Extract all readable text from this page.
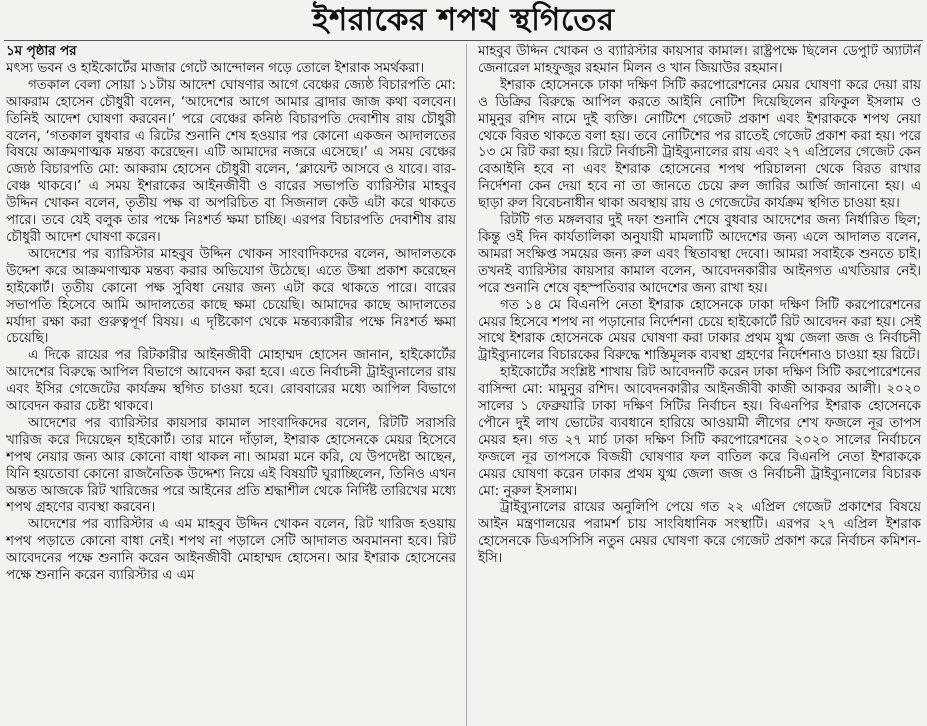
ইশরাকের শপথ স্থগিতের

১ম পৃষ্ঠার পর

মৎস্য ভবন ও হাইকোর্টের মাজার গেটে আন্দোলন গড়ে তোলে ইশরাক সমর্থকরা।

গতকাল বেলা সোয়া ১১টায় আদেশ ঘোষণার আগে বেঞ্চের জ্যেষ্ঠ বিচারপতি মো: আকরাম হোসেন চৌধুরী বলেন, ‘আদেশের আগে আমার ব্রাদার জাজ কথা বলবেন। তিনিই আদেশ ঘোষণা করবেন।’ পরে বেঞ্চের কনিষ্ঠ বিচারপতি দেবাশীষ রায় চৌধুরী বলেন, ‘গতকাল বুধবার এ রিটের শুনানি শেষ হওয়ার পর কোনো একজন আদালতের বিষয়ে আক্রমণাত্মক মন্তব্য করেছেন। এটি আমাদের নজরে এসেছে।’ এ সময় বেঞ্চের জ্যেষ্ঠ বিচারপতি মো: আকরাম হোসেন চৌধুরী বলেন, ‘ক্লায়েন্ট আসবে ও যাবে। বার-বেঞ্চ থাকবে।’ এ সময় ইশরাকের আইনজীবী ও বারের সভাপতি ব্যারিস্টার মাহবুব উদ্দিন খোকন বলেন, তৃতীয় পক্ষ বা অপরিচিত বা সিজনাল কেউ এটা করে থাকতে পারে। তবে যেই বলুক তার পক্ষে নিঃশর্ত ক্ষমা চাচ্ছি। এরপর বিচারপতি দেবাশীষ রায় চৌধুরী আদেশ ঘোষণা করেন।

আদেশের পর ব্যারিস্টার মাহবুব উদ্দিন খোকন সাংবাদিকদের বলেন, আদালতকে উদ্দেশ করে আক্রমণাত্মক মন্তব্য করার অভিযোগ উঠেছে। এতে উষ্মা প্রকাশ করেছেন হাইকোর্ট। তৃতীয় কোনো পক্ষ সুবিধা নেয়ার জন্য এটা করে থাকতে পারে। বারের সভাপতি হিসেবে আমি আদালতের কাছে ক্ষমা চেয়েছি। আমাদের কাছে আদালতের মর্যাদা রক্ষা করা গুরুত্বপূর্ণ বিষয়। এ দৃষ্টিকোণ থেকে মন্তব্যকারীর পক্ষে নিঃশর্ত ক্ষমা চেয়েছি।

এ দিকে রায়ের পর রিটকারীর আইনজীবী মোহাম্মদ হোসেন জানান, হাইকোর্টের আদেশের বিরুদ্ধে আপিল বিভাগে আবেদন করা হবে। এতে নির্বাচনী ট্রাইব্যুনালের রায় এবং ইসির গেজেটের কার্যক্রম স্থগিত চাওয়া হবে। রোববারের মধ্যে আপিল বিভাগে আবেদন করার চেষ্টা থাকবে।

আদেশের পর ব্যারিস্টার কায়সার কামাল সাংবাদিকদের বলেন, রিটটি সরাসরি খারিজ করে দিয়েছেন হাইকোর্ট। তার মানে দাঁড়াল, ইশরাক হোসেনকে মেয়র হিসেবে শপথ নেয়ার জন্য আর কোনো বাধা থাকল না। আমরা মনে করি, যে উপদেষ্টা আছেন, যিনি হয়তোবা কোনো রাজনৈতিক উদ্দেশ্য নিয়ে এই বিষয়টি ঘুরাচ্ছিলেন, তিনিও এখন অন্তত আজকে রিট খারিজের পরে আইনের প্রতি শ্রদ্ধাশীল থেকে নির্দিষ্ট তারিখের মধ্যে শপথ গ্রহণের ব্যবস্থা করবেন।

আদেশের পর ব্যারিস্টার এ এম মাহবুব উদ্দিন খোকন বলেন, রিট খারিজ হওয়ায় শপথ পড়াতে কোনো বাধা নেই। শপথ না পড়ালে সেটি আদালত অবমাননা হবে। রিট আবেদনের পক্ষে শুনানি করেন আইনজীবী মোহাম্মদ হোসেন। আর ইশরাক হোসেনের পক্ষে শুনানি করেন ব্যারিস্টার এ এম

মাহবুব উদ্দিন খোকন ও ব্যারিস্টার কায়সার কামাল। রাষ্ট্রপক্ষে ছিলেন ডেপুটি অ্যাটর্নি জেনারেল মাহফুজুর রহমান মিলন ও খান জিয়াউর রহমান।

ইশরাক হোসেনকে ঢাকা দক্ষিণ সিটি করপোরেশনের মেয়র ঘোষণা করে দেয়া রায় ও ডিক্রির বিরুদ্ধে আপিল করতে আইনি নোটিশ দিয়েছিলেন রফিকুল ইসলাম ও মামুনুর রশিদ নামে দুই ব্যক্তি। নোটিশে গেজেট প্রকাশ এবং ইশরাককে শপথ নেয়া থেকে বিরত থাকতে বলা হয়। তবে নোটিশের পর রাতেই গেজেট প্রকাশ করা হয়। পরে ১৩ মে রিট করা হয়। রিটে নির্বাচনী ট্রাইব্যুনালের রায় এবং ২৭ এপ্রিলের গেজেট কেন বেআইনি হবে না এবং ইশরাক হোসেনের শপথ পরিচালনা থেকে বিরত রাখার নির্দেশনা কেন দেয়া হবে না তা জানতে চেয়ে রুল জারির আর্জি জানানো হয়। এ ছাড়া রুল বিবেচনাধীন থাকা অবস্থায় রায় ও গেজেটের কার্যক্রম স্থগিত চাওয়া হয়।

রিটটি গত মঙ্গলবার দুই দফা শুনানি শেষে বুধবার আদেশের জন্য নির্ধারিত ছিল; কিন্তু ওই দিন কার্যতালিকা অনুযায়ী মামলাটি আদেশের জন্য এলে আদালত বলেন, আমরা সংক্ষিপ্ত সময়ের জন্য রুল এবং স্থিতাবস্থা দেবো। আমরা সবাইকে শুনতে চাই। তখনই ব্যারিস্টার কায়সার কামাল বলেন, আবেদনকারীর আইনগত এখতিয়ার নেই। পরে শুনানি শেষে বৃহস্পতিবার আদেশের জন্য রাখা হয়।

গত ১৪ মে বিএনপি নেতা ইশরাক হোসেনকে ঢাকা দক্ষিণ সিটি করপোরেশনের মেয়র হিসেবে শপথ না পড়ানোর নির্দেশনা চেয়ে হাইকোর্টে রিট আবেদন করা হয়। সেই সাথে ইশরাক হোসেনকে মেয়র ঘোষণা করা ঢাকার প্রথম যুগ্ম জেলা জজ ও নির্বাচনী ট্রাইব্যুনালের বিচারকের বিরুদ্ধে শাস্তিমূলক ব্যবস্থা গ্রহণের নির্দেশনাও চাওয়া হয় রিটে।

হাইকোর্টের সংশ্লিষ্ট শাখায় রিট আবেদনটি করেন ঢাকা দক্ষিণ সিটি করপোরেশনের বাসিন্দা মো: মামুনুর রশিদ। আবেদনকারীর আইনজীবী কাজী আকবর আলী। ২০২০ সালের ১ ফেব্রুয়ারি ঢাকা দক্ষিণ সিটির নির্বাচন হয়। বিএনপির ইশরাক হোসেনকে পৌনে দুই লাখ ভোটের ব্যবধানে হারিয়ে আওয়ামী লীগের শেখ ফজলে নূর তাপস মেয়র হন। গত ২৭ মার্চ ঢাকা দক্ষিণ সিটি করপোরেশনের ২০২০ সালের নির্বাচনে ফজলে নূর তাপসকে বিজয়ী ঘোষণার ফল বাতিল করে বিএনপি নেতা ইশরাককে মেয়র ঘোষণা করেন ঢাকার প্রথম যুগ্ম জেলা জজ ও নির্বাচনী ট্রাইব্যুনালের বিচারক মো: নুরুল ইসলাম।

ট্রাইব্যুনালের রায়ের অনুলিপি পেয়ে গত ২২ এপ্রিল গেজেট প্রকাশের বিষয়ে আইন মন্ত্রণালয়ের পরামর্শ চায় সাংবিধানিক সংস্থাটি। এরপর ২৭ এপ্রিল ইশরাক হোসেনকে ডিএসসিসি নতুন মেয়র ঘোষণা করে গেজেট প্রকাশ করে নির্বাচন কমিশন-ইসি।
